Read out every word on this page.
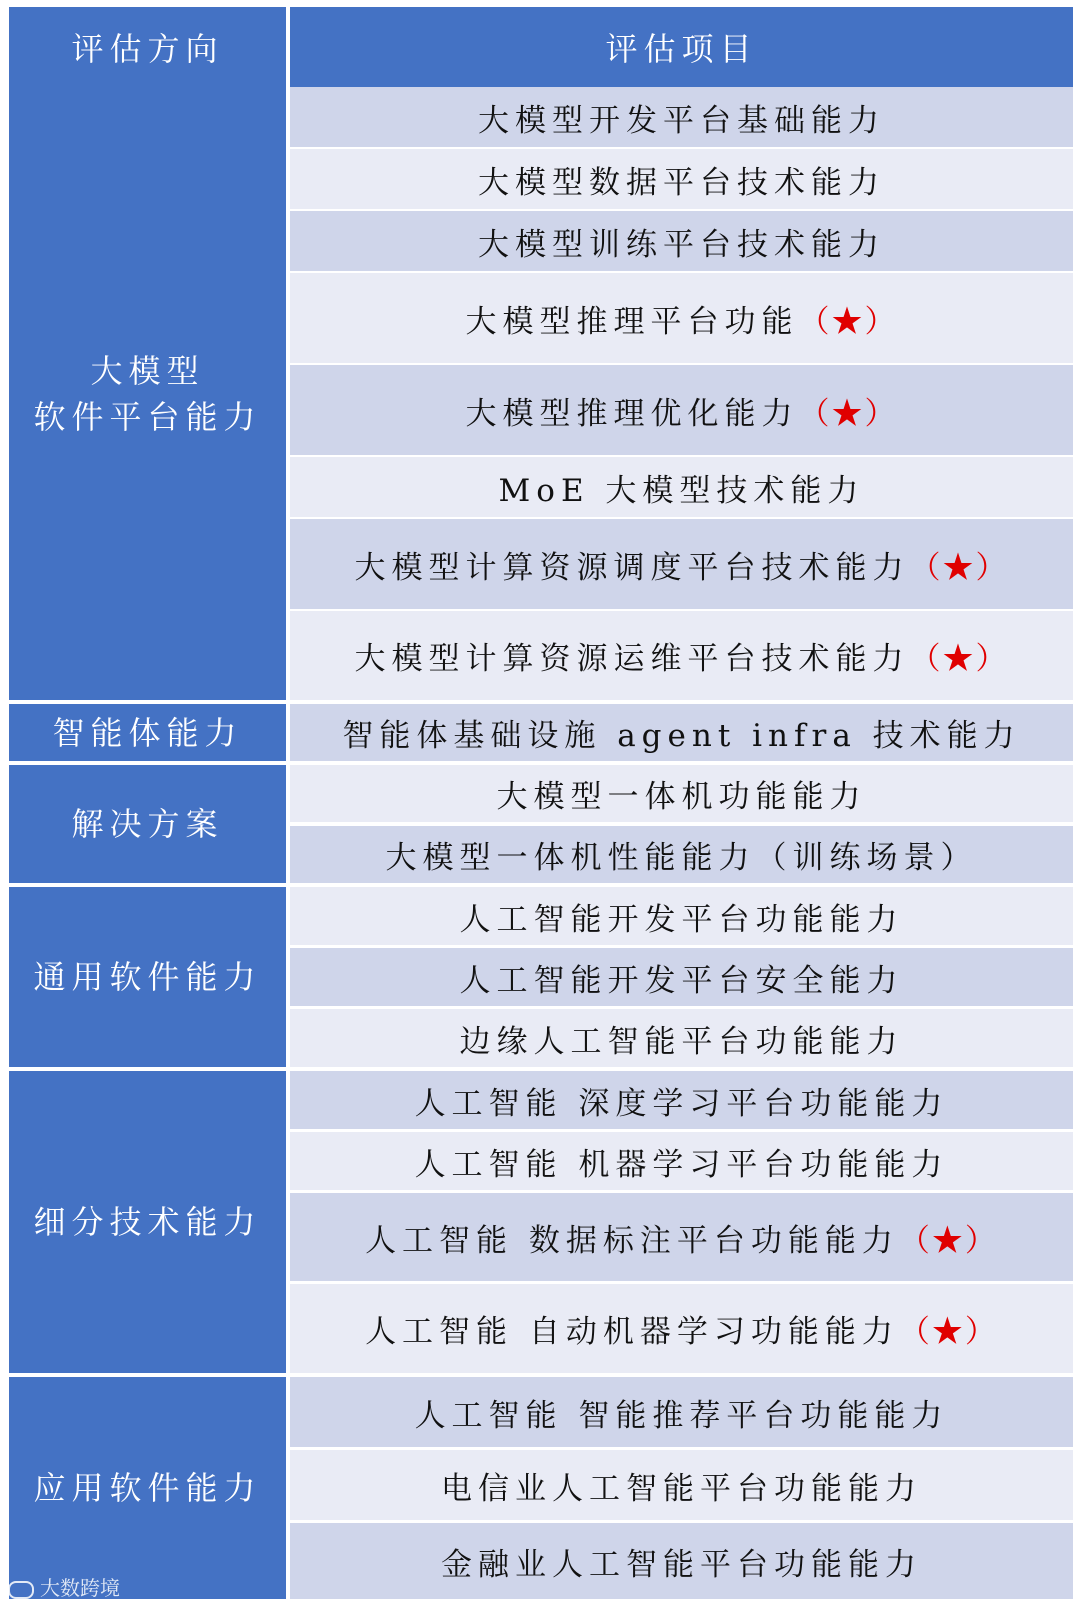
评估方向	评估项目
大模型
软件平台能力
智能体能力
解决方案
通用软件能力
细分技术能力
应用软件能力
大模型开发平台基础能力
大模型数据平台技术能力
大模型训练平台技术能力
大模型推理平台功能 （★）
大模型推理优化能力 （★）
MoE 大模型技术能力
大模型计算资源调度平台技术能力 （★）
大模型计算资源运维平台技术能力 （★）
智能体基础设施 agent infra 技术能力
大模型一体机功能能力
大模型一体机性能能力（训练场景）
人工智能开发平台功能能力
人工智能开发平台安全能力
边缘人工智能平台功能能力
人工智能 深度学习平台功能能力
人工智能 机器学习平台功能能力
人工智能 数据标注平台功能能力 （★）
人工智能 自动机器学习功能能力 （★）
人工智能 智能推荐平台功能能力
电信业人工智能平台功能能力
金融业人工智能平台功能能力
大数跨境
